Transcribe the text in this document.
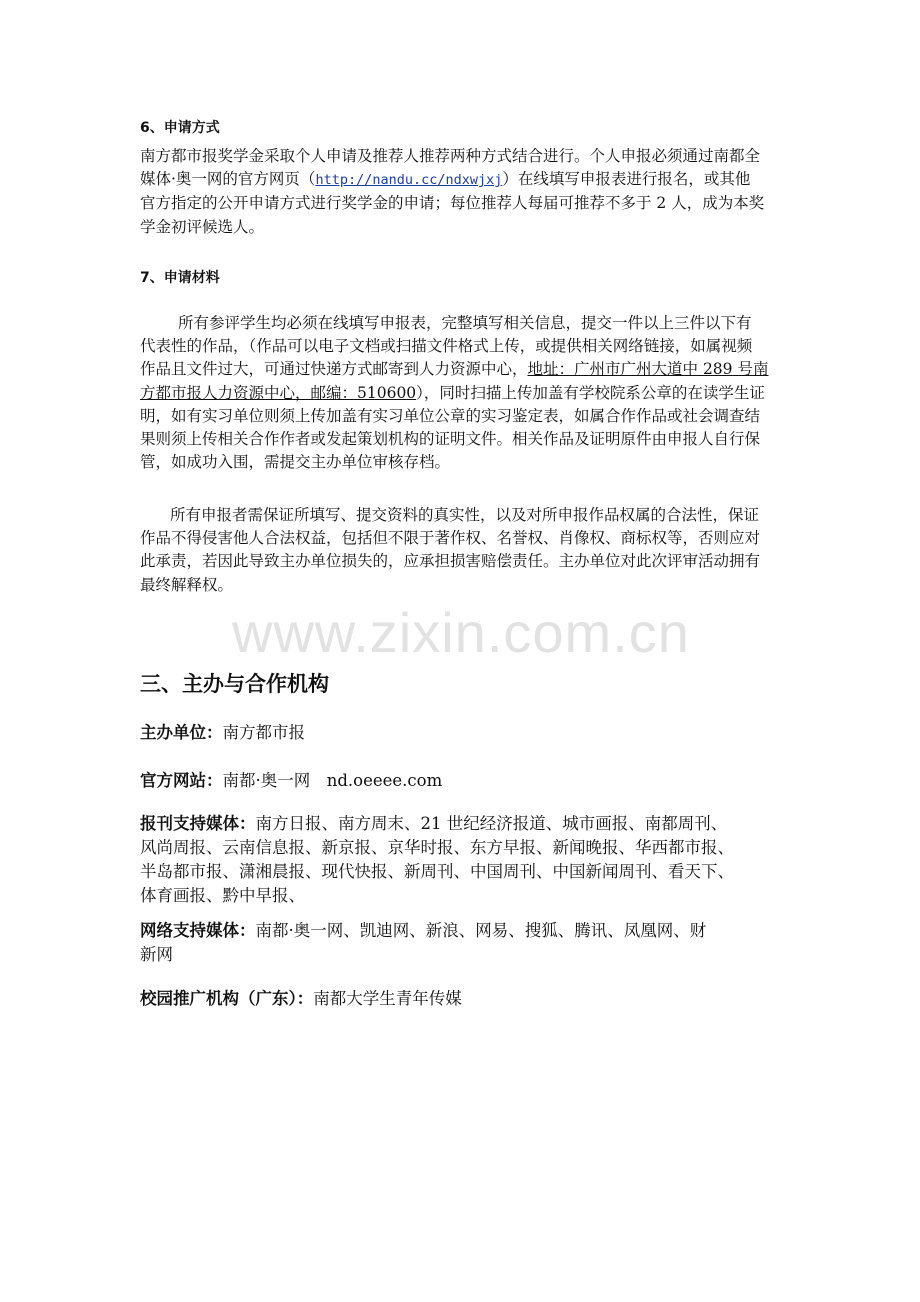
6、申请方式
南方都市报奖学金采取个人申请及推荐人推荐两种方式结合进行。个人申报必须通过南都全
媒体·奥一网的官方网页（http://nandu.cc/ndxwjxj）在线填写申报表进行报名，或其他
官方指定的公开申请方式进行奖学金的申请；每位推荐人每届可推荐不多于 2 人，成为本奖
学金初评候选人。
7、申请材料
所有参评学生均必须在线填写申报表，完整填写相关信息，提交一件以上三件以下有
代表性的作品，（作品可以电子文档或扫描文件格式上传，或提供相关网络链接，如属视频
作品且文件过大，可通过快递方式邮寄到人力资源中心，地址：广州市广州大道中 289 号南
方都市报人力资源中心，邮编：510600），同时扫描上传加盖有学校院系公章的在读学生证
明，如有实习单位则须上传加盖有实习单位公章的实习鉴定表，如属合作作品或社会调查结
果则须上传相关合作作者或发起策划机构的证明文件。相关作品及证明原件由申报人自行保
管，如成功入围，需提交主办单位审核存档。
所有申报者需保证所填写、提交资料的真实性，以及对所申报作品权属的合法性，保证
作品不得侵害他人合法权益，包括但不限于著作权、名誉权、肖像权、商标权等，否则应对
此承责，若因此导致主办单位损失的，应承担损害赔偿责任。主办单位对此次评审活动拥有
最终解释权。
www.zixin.com.cn
三、主办与合作机构
主办单位：南方都市报
官方网站：南都·奥一网　nd.oeeee.com
报刊支持媒体：南方日报、南方周末、21 世纪经济报道、城市画报、南都周刊、
风尚周报、云南信息报、新京报、京华时报、东方早报、新闻晚报、华西都市报、
半岛都市报、潇湘晨报、现代快报、新周刊、中国周刊、中国新闻周刊、看天下、
体育画报、黔中早报、
网络支持媒体：南都·奥一网、凯迪网、新浪、网易、搜狐、腾讯、凤凰网、财
新网
校园推广机构（广东）：南都大学生青年传媒
